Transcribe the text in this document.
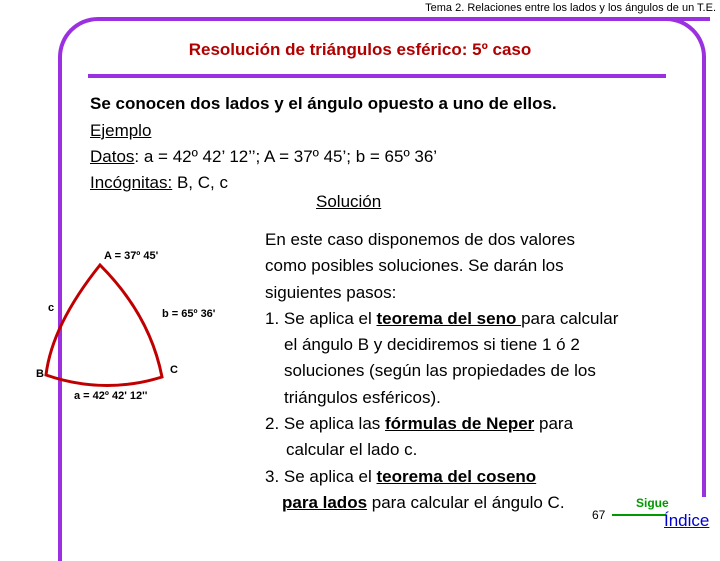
Tema 2. Relaciones entre los lados y los ángulos de un T.E.
Resolución de triángulos esférico: 5º caso
Se conocen dos lados y el ángulo opuesto a uno de ellos.
Ejemplo
Datos: a = 42º 42’ 12’’; A = 37º 45’; b = 65º 36’
Incógnitas: B, C, c
Solución
A = 37º 45'
b = 65º 36'
a = 42º 42' 12''
c
B	C
En este caso disponemos de dos valores
como posibles soluciones. Se darán los
siguientes pasos:
1. Se aplica el teorema del seno para calcular
el ángulo B y decidiremos si tiene 1 ó 2
soluciones (según las propiedades de los
triángulos esféricos).
2. Se aplica las fórmulas de Neper para
calcular el lado c.
3. Se aplica el teorema del coseno
para lados para calcular el ángulo C.	Sigue
67	Índice
